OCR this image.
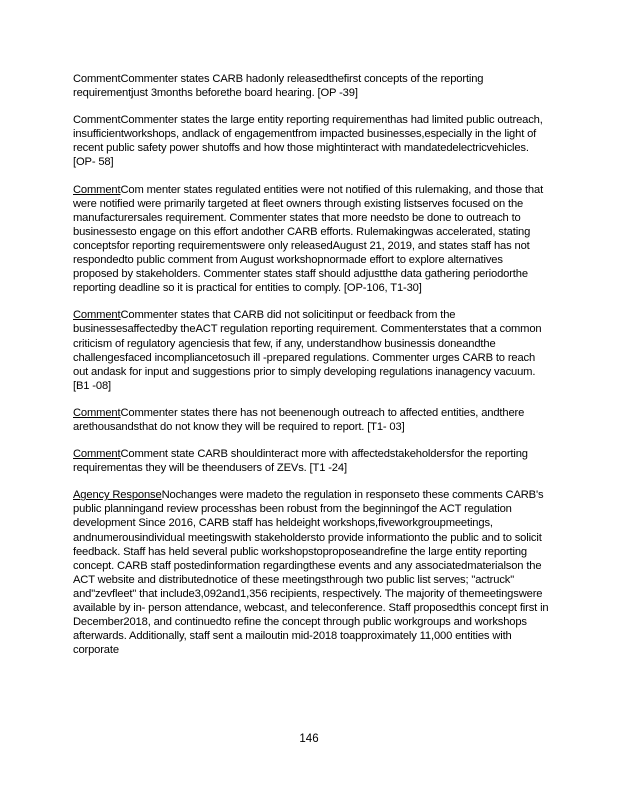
CommentCommenter states CARB hadonly releasedthefirst concepts of the reporting requirementjust 3months beforethe board hearing. [OP -39]

CommentCommenter states the large entity reporting requirementhas had limited public outreach, insufficientworkshops, andlack of engagementfrom impacted businesses,especially in the light of recent public safety power shutoffs and how those mightinteract with mandatedelectricvehicles. [OP- 58]

CommentCom menter states regulated entities were not notified of this rulemaking, and those that were notified were primarily targeted at fleet owners through existing listserves focused on the manufacturersales requirement. Commenter states that more needsto be done to outreach to businessesto engage on this effort andother CARB efforts. Rulemakingwas accelerated, stating conceptsfor reporting requirementswere only releasedAugust 21, 2019, and states staff has not respondedto public comment from August workshopnormade effort to explore alternatives proposed by stakeholders. Commenter states staff should adjustthe data gathering periodorthe reporting deadline so it is practical for entities to comply. [OP-106, T1-30]

CommentCommenter states that CARB did not solicitinput or feedback from the businessesaffectedby theACT regulation reporting requirement. Commenterstates that a common criticism of regulatory agenciesis that few, if any, understandhow businessis doneandthe challengesfaced incompliancetosuch ill -prepared regulations. Commenter urges CARB to reach out andask for input and suggestions prior to simply developing regulations inanagency vacuum. [B1 -08]

CommentCommenter states there has not beenenough outreach to affected entities, andthere arethousandsthat do not know they will be required to report. [T1- 03]

CommentComment state CARB shouldinteract more with affectedstakeholdersfor the reporting requirementas they will be theendusers of ZEVs. [T1 -24]

Agency ResponseNochanges were madeto the regulation in responseto these comments CARB's public planningand review processhas been robust from the beginningof the ACT regulation development Since 2016, CARB staff has heldeight workshops,fiveworkgroupmeetings, andnumerousindividual meetingswith stakeholdersto provide informationto the public and to solicit feedback. Staff has held several public workshopstoproposeandrefine the large entity reporting concept. CARB staff postedinformation regardingthese events and any associatedmaterialson the ACT website and distributednotice of these meetingsthrough two public list serves; "actruck" and"zevfleet" that include3,092and1,356 recipients, respectively. The majority of themeetingswere available by in- person attendance, webcast, and teleconference. Staff proposedthis concept first in December2018, and continuedto refine the concept through public workgroups and workshops afterwards. Additionally, staff sent a mailoutin mid-2018 toapproximately 11,000 entities with corporate

146
